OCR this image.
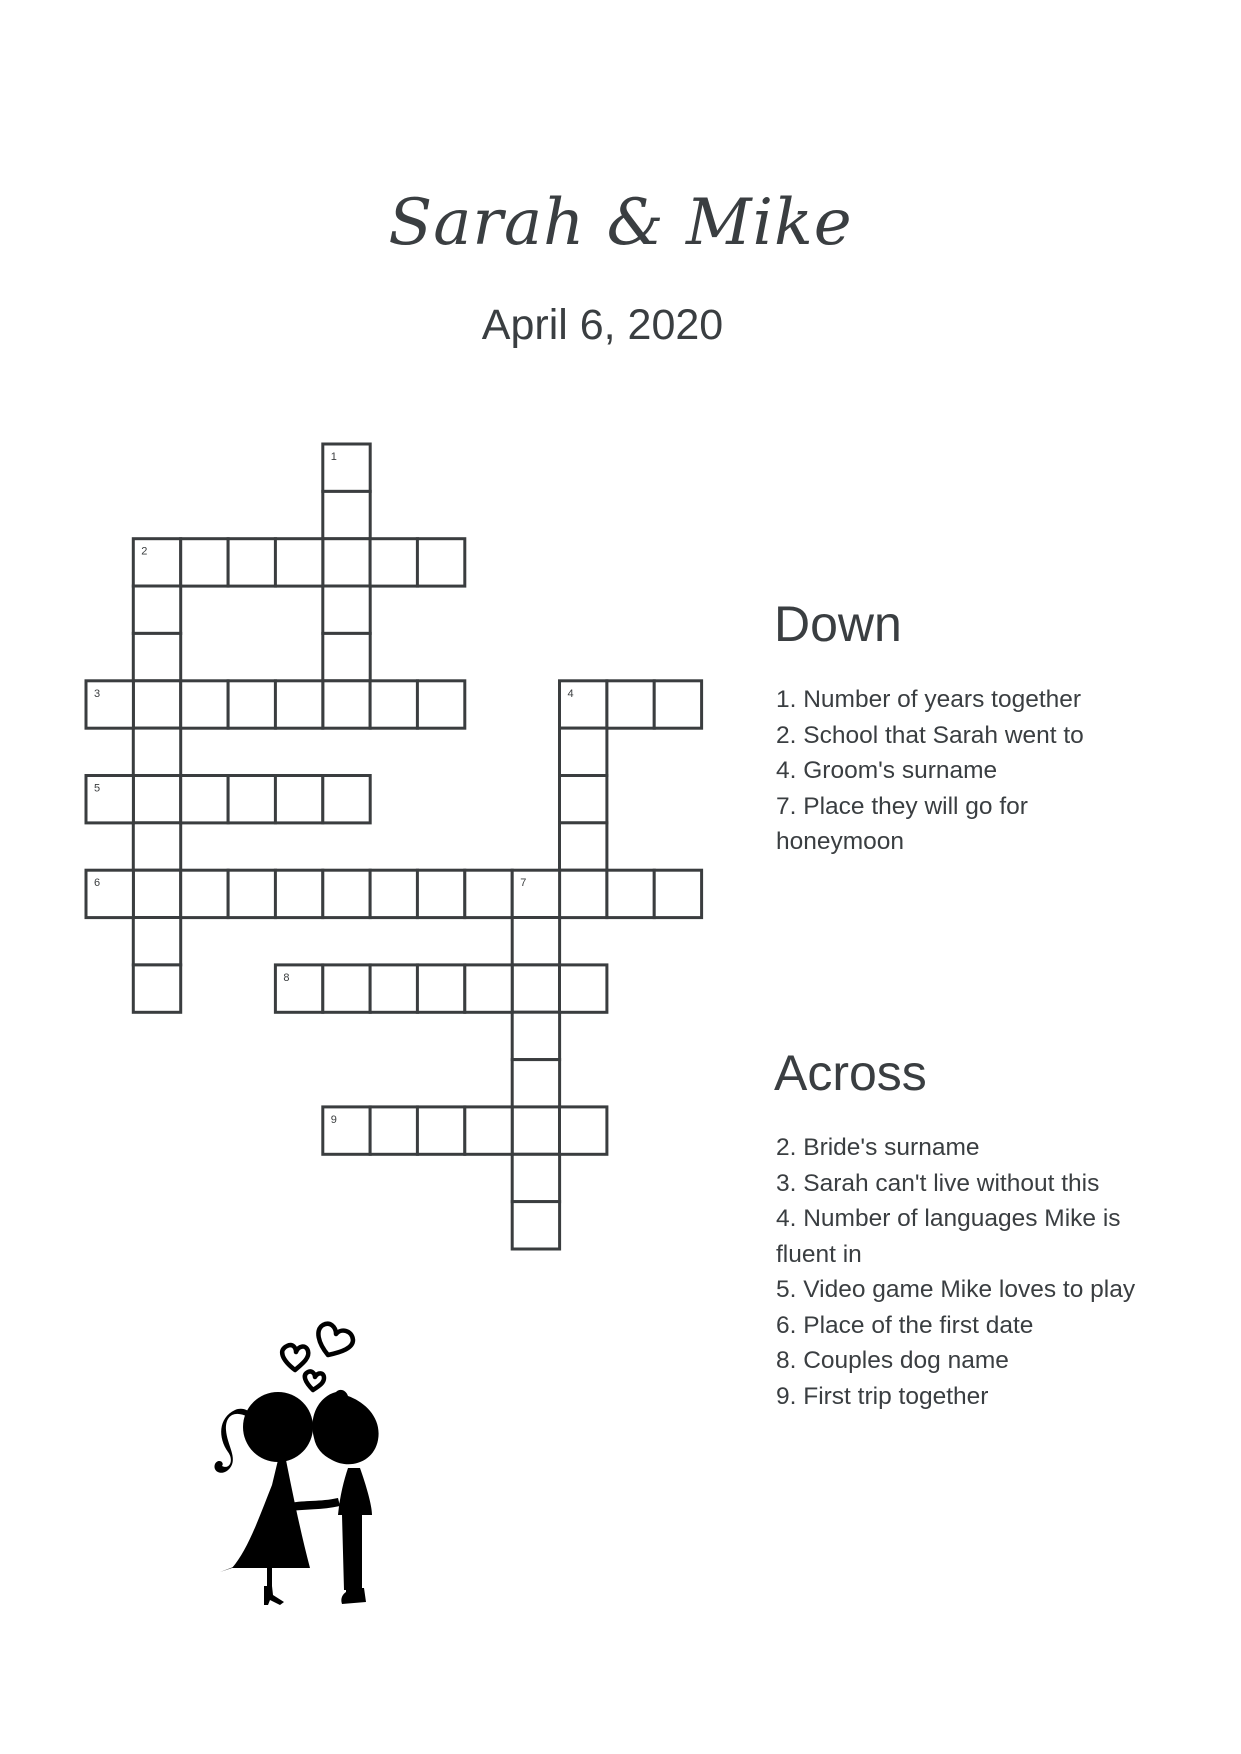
Sarah & Mike
April 6, 2020
1
2
3	4
5
6	7
8
9
Down
1. Number of years together
2. School that Sarah went to
4. Groom's surname
7. Place they will go for honeymoon
Across
2. Bride's surname
3. Sarah can't live without this
4. Number of languages Mike is fluent in
5. Video game Mike loves to play
6. Place of the first date
8. Couples dog name
9. First trip together
